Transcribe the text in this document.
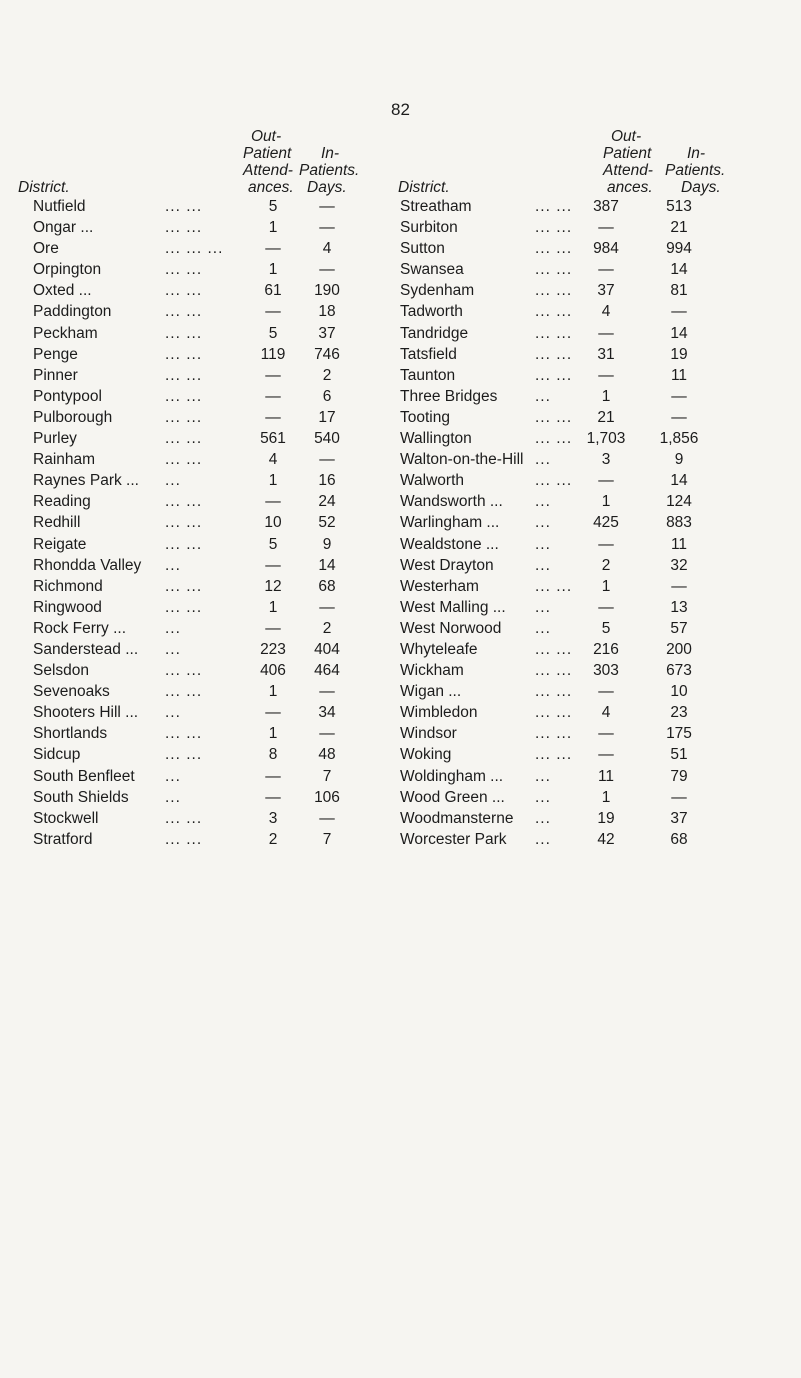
82
Out-
Patient
Attend-
ances.
In-
Patients.
Days.
District.
Nutfield	... ...	5	—
Ongar ...	... ...	1	—
Ore	... ... ...	—	4
Orpington	... ...	1	—
Oxted ...	... ...	61	190
Paddington	... ...	—	18
Peckham	... ...	5	37
Penge	... ...	119	746
Pinner	... ...	—	2
Pontypool	... ...	—	6
Pulborough	... ...	—	17
Purley	... ...	561	540
Rainham	... ...	4	—
Raynes Park ... ...	1	16
Reading	... ...	—	24
Redhill	... ...	10	52
Reigate	... ...	5	9
Rhondda Valley ...	—	14
Richmond	... ...	12	68
Ringwood	... ...	1	—
Rock Ferry ...	...	—	2
Sanderstead ... ...	223	404
Selsdon	... ...	406	464
Sevenoaks	... ...	1	—
Shooters Hill ... ...	—	34
Shortlands	... ...	1	—
Sidcup	... ...	8	48
South Benfleet ...	—	7
South Shields ...	—	106
Stockwell	... ...	3	—
Stratford	... ...	2	7
Out-
Patient
Attend-
ances.
In-
Patients.
Days.
District.
Streatham	... ...	387	513
Surbiton	... ...	—	21
Sutton	... ...	984	994
Swansea	... ...	—	14
Sydenham	... ...	37	81
Tadworth	... ...	4	—
Tandridge	... ...	—	14
Tatsfield	... ...	31	19
Taunton	... ...	—	11
Three Bridges ...	1	—
Tooting	... ...	21	—
Wallington	... ... 1,703	1,856
Walton-on-the-Hill ...	3	9
Walworth	... ...	—	14
Wandsworth ... ...	1	124
Warlingham ... ...	425	883
Wealdstone ... ...	—	11
West Drayton	...	2	32
Westerham	... ...	1	—
West Malling ... ...	—	13
West Norwood ...	5	57
Whyteleafe	... ...	216	200
Wickham	... ...	303	673
Wigan ...	... ...	—	10
Wimbledon	... ...	4	23
Windsor	... ...	—	175
Woking	... ...	—	51
Woldingham ... ...	11	79
Wood Green ... ...	1	—
Woodmansterne ...	19	37
Worcester Park ...	42	68
